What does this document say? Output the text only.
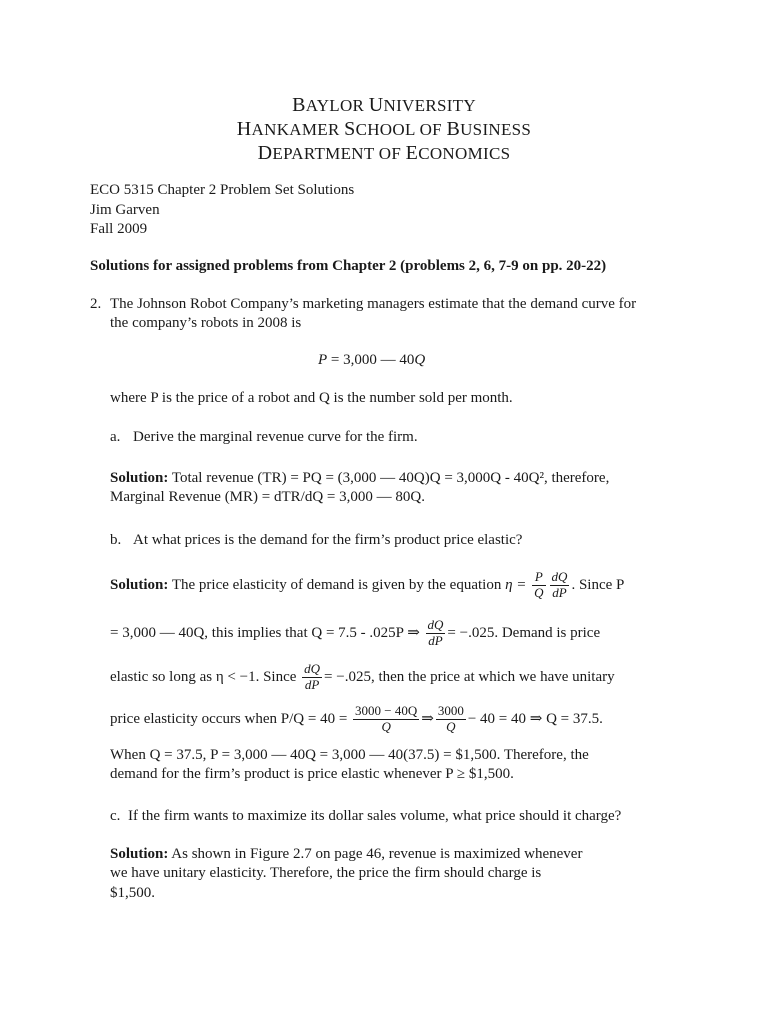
BAYLOR UNIVERSITY
HANKAMER SCHOOL OF BUSINESS
DEPARTMENT OF ECONOMICS
ECO 5315 Chapter 2 Problem Set Solutions
Jim Garven
Fall 2009
Solutions for assigned problems from Chapter 2 (problems 2, 6, 7-9 on pp. 20-22)
2. The Johnson Robot Company’s marketing managers estimate that the demand curve for
the company’s robots in 2008 is
P = 3,000 — 40Q
where P is the price of a robot and Q is the number sold per month.
a. Derive the marginal revenue curve for the firm.
Solution: Total revenue (TR) = PQ = (3,000 — 40Q)Q = 3,000Q - 40Q², therefore,
Marginal Revenue (MR) = dTR/dQ = 3,000 — 80Q.
b. At what prices is the demand for the firm’s product price elastic?
Solution: The price elasticity of demand is given by the equation $\eta = \frac{P}{Q} \frac{dQ}{dP}$ . Since P
= 3,000 — 40Q, this implies that Q = 7.5 - .025P ⇒ $\frac{dQ}{dP} = -.025$. Demand is price
elastic so long as η < −1. Since $\frac{dQ}{dP} = -.025$, then the price at which we have unitary
price elasticity occurs when $P/Q = 40 = \frac{3000 - 40Q}{Q}$ ⇒ $\frac{3000}{Q} - 40 = 40$ ⇒ Q = 37.5.
When Q = 37.5, P = 3,000 — 40Q = 3,000 — 40(37.5) = $1,500. Therefore, the
demand for the firm’s product is price elastic whenever P ≥ $1,500.
c. If the firm wants to maximize its dollar sales volume, what price should it charge?
Solution: As shown in Figure 2.7 on page 46, revenue is maximized whenever
we have unitary elasticity. Therefore, the price the firm should charge is
$1,500.
